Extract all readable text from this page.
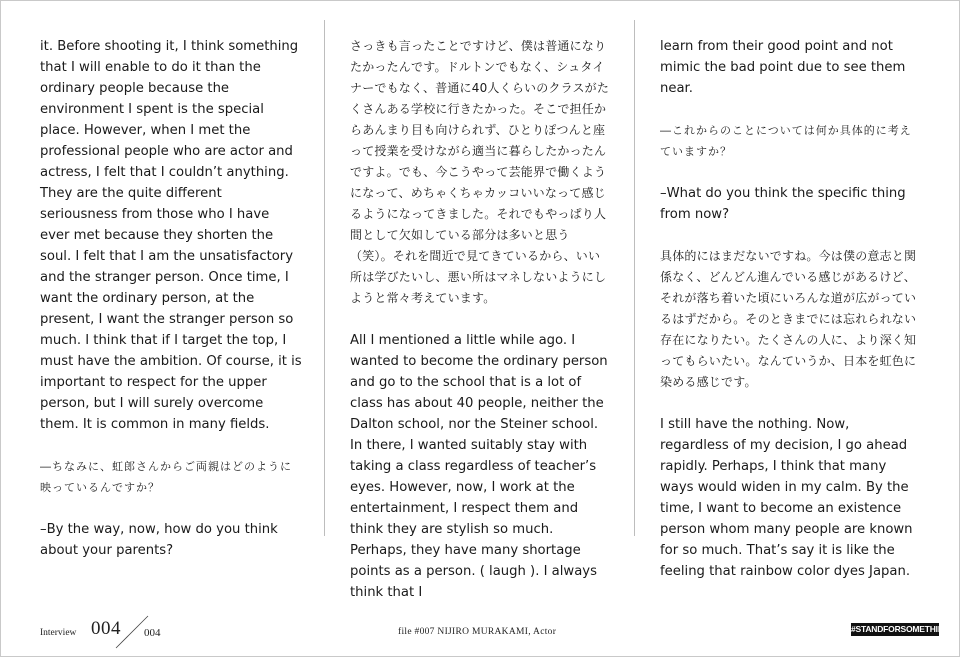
it. Before shooting it, I think something that I will enable to do it than the ordinary people because the environment I spent is the special place. However, when I met the professional people who are actor and actress, I felt that I couldn’t anything. They are the quite different seriousness from those who I have ever met because they shorten the soul. I felt that I am the unsatisfactory and the stranger person. Once time, I want the ordinary person, at the present, I want the stranger person so much. I think that if I target the top, I must have the ambition. Of course, it is important to respect for the upper person, but I will surely overcome them. It is common in many fields.

―ちなみに、虹郎さんからご両親はどのように映っているんですか？

–By the way, now, how do you think about your parents?

さっきも言ったことですけど、僕は普通になりたかったんです。ドルトンでもなく、シュタイナーでもなく、普通に40人くらいのクラスがたくさんある学校に行きたかった。そこで担任からあんまり目も向けられず、ひとりぽつんと座って授業を受けながら適当に暮らしたかったんですよ。でも、今こうやって芸能界で働くようになって、めちゃくちゃカッコいいなって感じるようになってきました。それでもやっぱり人間として欠如している部分は多いと思う（笑）。それを間近で見てきているから、いい所は学びたいし、悪い所はマネしないようにしようと常々考えています。

All I mentioned a little while ago. I wanted to become the ordinary person and go to the school that is a lot of class has about 40 people, neither the Dalton school, nor the Steiner school. In there, I wanted suitably stay with taking a class regardless of teacher’s eyes. However, now, I work at the entertainment, I respect them and think they are stylish so much. Perhaps, they have many shortage points as a person. ( laugh ). I always think that I

learn from their good point and not mimic the bad point due to see them near.

―これからのことについては何か具体的に考えていますか？

–What do you think the specific thing from now?

具体的にはまだないですね。今は僕の意志と関係なく、どんどん進んでいる感じがあるけど、それが落ち着いた頃にいろんな道が広がっているはずだから。そのときまでには忘れられない存在になりたい。たくさんの人に、より深く知ってもらいたい。なんていうか、日本を虹色に染める感じです。

I still have the nothing. Now, regardless of my decision, I go ahead rapidly. Perhaps, I think that many ways would widen in my calm. By the time, I want to become an existence person whom many people are known for so much. That’s say it is like the feeling that rainbow color dyes Japan.

Interview 004 004	file #007 NIJIRO MURAKAMI, Actor	#STANDFORSOMETHING
